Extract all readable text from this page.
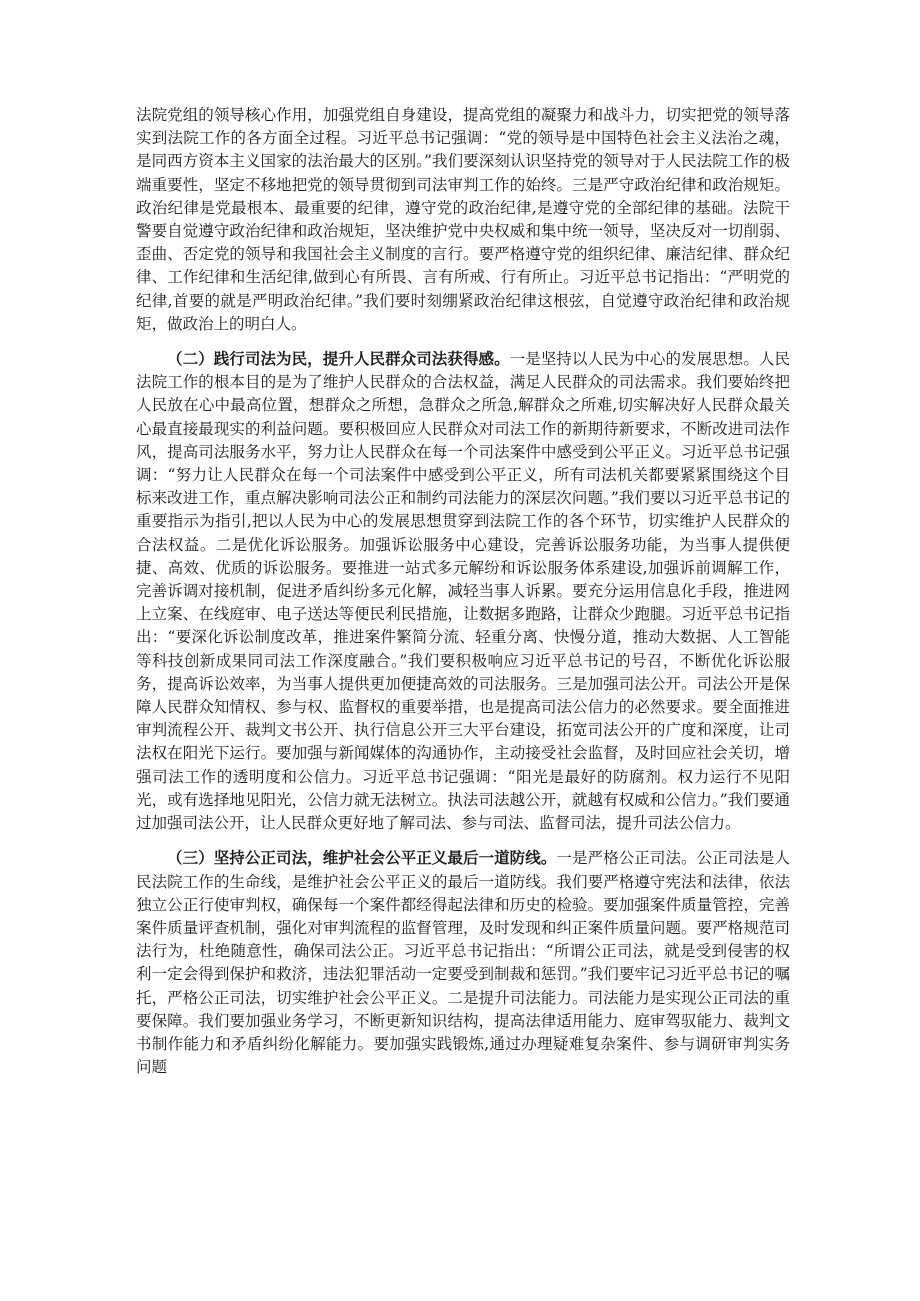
法院党组的领导核心作用，加强党组自身建设，提高党组的凝聚力和战斗力，切实把党的领导落实到法院工作的各方面全过程。习近平总书记强调：“党的领导是中国特色社会主义法治之魂，是同西方资本主义国家的法治最大的区别。”我们要深刻认识坚持党的领导对于人民法院工作的极端重要性，坚定不移地把党的领导贯彻到司法审判工作的始终。三是严守政治纪律和政治规矩。政治纪律是党最根本、最重要的纪律，遵守党的政治纪律,是遵守党的全部纪律的基础。法院干警要自觉遵守政治纪律和政治规矩，坚决维护党中央权威和集中统一领导，坚决反对一切削弱、歪曲、否定党的领导和我国社会主义制度的言行。要严格遵守党的组织纪律、廉洁纪律、群众纪律、工作纪律和生活纪律,做到心有所畏、言有所戒、行有所止。习近平总书记指出：“严明党的纪律,首要的就是严明政治纪律。”我们要时刻绷紧政治纪律这根弦，自觉遵守政治纪律和政治规矩，做政治上的明白人。

（二）践行司法为民，提升人民群众司法获得感。一是坚持以人民为中心的发展思想。人民法院工作的根本目的是为了维护人民群众的合法权益，满足人民群众的司法需求。我们要始终把人民放在心中最高位置，想群众之所想，急群众之所急,解群众之所难,切实解决好人民群众最关心最直接最现实的利益问题。要积极回应人民群众对司法工作的新期待新要求，不断改进司法作风，提高司法服务水平，努力让人民群众在每一个司法案件中感受到公平正义。习近平总书记强调：“努力让人民群众在每一个司法案件中感受到公平正义，所有司法机关都要紧紧围绕这个目标来改进工作，重点解决影响司法公正和制约司法能力的深层次问题。”我们要以习近平总书记的重要指示为指引,把以人民为中心的发展思想贯穿到法院工作的各个环节，切实维护人民群众的合法权益。二是优化诉讼服务。加强诉讼服务中心建设，完善诉讼服务功能，为当事人提供便捷、高效、优质的诉讼服务。要推进一站式多元解纷和诉讼服务体系建设,加强诉前调解工作，完善诉调对接机制，促进矛盾纠纷多元化解，减轻当事人诉累。要充分运用信息化手段，推进网上立案、在线庭审、电子送达等便民利民措施，让数据多跑路，让群众少跑腿。习近平总书记指出：“要深化诉讼制度改革，推进案件繁简分流、轻重分离、快慢分道，推动大数据、人工智能等科技创新成果同司法工作深度融合。”我们要积极响应习近平总书记的号召，不断优化诉讼服务，提高诉讼效率，为当事人提供更加便捷高效的司法服务。三是加强司法公开。司法公开是保障人民群众知情权、参与权、监督权的重要举措，也是提高司法公信力的必然要求。要全面推进审判流程公开、裁判文书公开、执行信息公开三大平台建设，拓宽司法公开的广度和深度，让司法权在阳光下运行。要加强与新闻媒体的沟通协作，主动接受社会监督，及时回应社会关切，增强司法工作的透明度和公信力。习近平总书记强调：“阳光是最好的防腐剂。权力运行不见阳光，或有选择地见阳光，公信力就无法树立。执法司法越公开，就越有权威和公信力。”我们要通过加强司法公开，让人民群众更好地了解司法、参与司法、监督司法，提升司法公信力。

（三）坚持公正司法，维护社会公平正义最后一道防线。一是严格公正司法。公正司法是人民法院工作的生命线，是维护社会公平正义的最后一道防线。我们要严格遵守宪法和法律，依法独立公正行使审判权，确保每一个案件都经得起法律和历史的检验。要加强案件质量管控，完善案件质量评查机制，强化对审判流程的监督管理，及时发现和纠正案件质量问题。要严格规范司法行为，杜绝随意性，确保司法公正。习近平总书记指出：“所谓公正司法，就是受到侵害的权利一定会得到保护和救济，违法犯罪活动一定要受到制裁和惩罚。”我们要牢记习近平总书记的嘱托，严格公正司法，切实维护社会公平正义。二是提升司法能力。司法能力是实现公正司法的重要保障。我们要加强业务学习，不断更新知识结构，提高法律适用能力、庭审驾驭能力、裁判文书制作能力和矛盾纠纷化解能力。要加强实践锻炼,通过办理疑难复杂案件、参与调研审判实务问题
